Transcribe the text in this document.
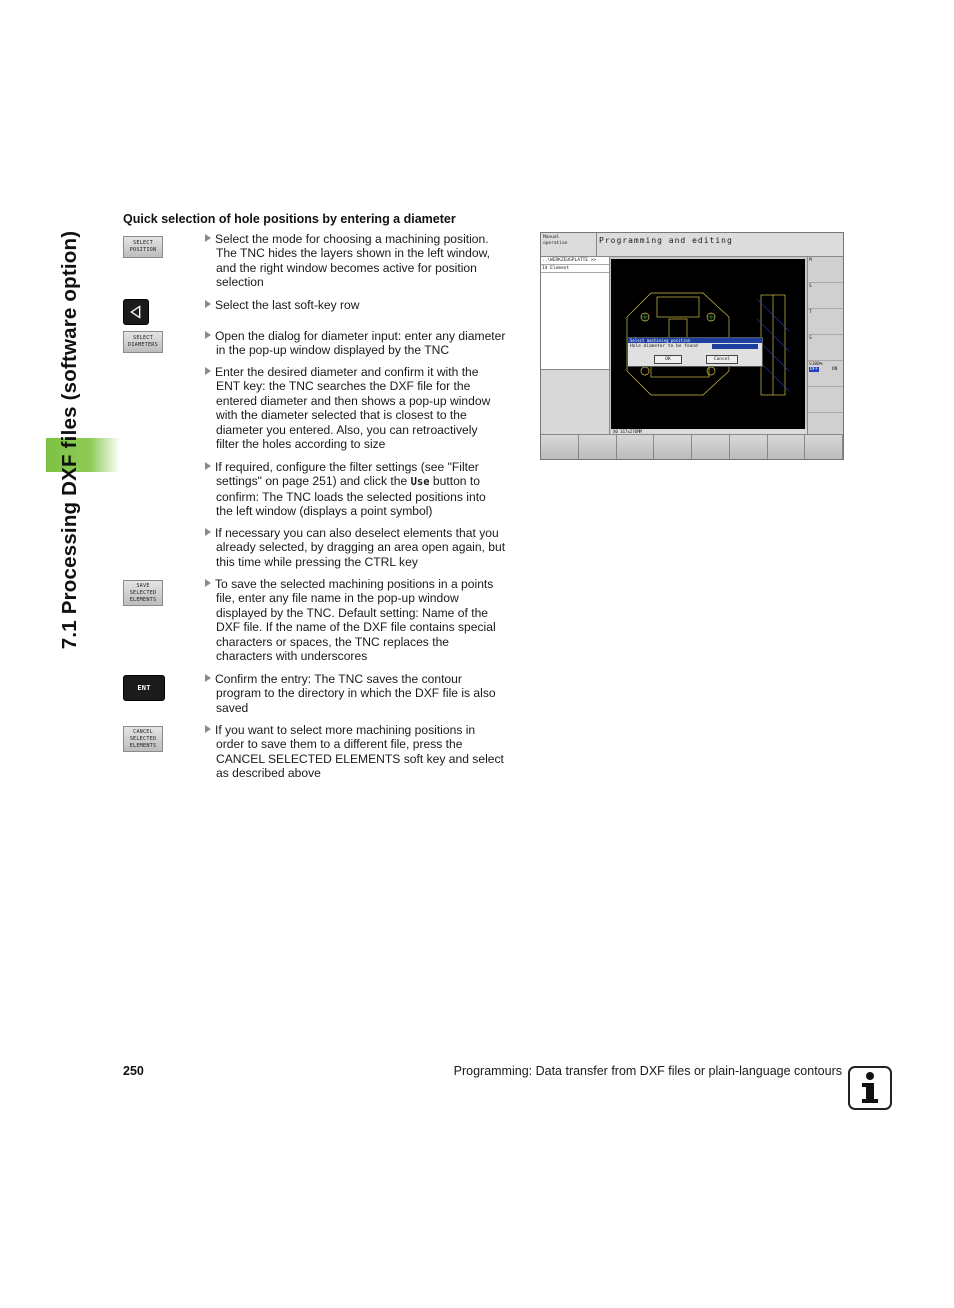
7.1 Processing DXF files (software option)
Quick selection of hole positions by entering a diameter
SELECT
POSITION
Select the mode for choosing a machining position.
The TNC hides the layers shown in the left window,
and the right window becomes active for position
selection
Select the last soft-key row
SELECT
DIAMETERS
Open the dialog for diameter input: enter any diameter
in the pop-up window displayed by the TNC
Enter the desired diameter and confirm it with the
ENT key: the TNC searches the DXF file for the
entered diameter and then shows a pop-up window
with the diameter selected that is closest to the
diameter you entered. Also, you can retroactively
filter the holes according to size
If required, configure the filter settings (see "Filter
settings" on page 251) and click the Use button to
confirm: The TNC loads the selected positions into
the left window (displays a point symbol)
If necessary you can also deselect elements that you
already selected, by dragging an area open again, but
this time while pressing the CTRL key
SAVE
SELECTED
ELEMENTS
To save the selected machining positions in a points
file, enter any file name in the pop-up window
displayed by the TNC. Default setting: Name of the
DXF file. If the name of the DXF file contains special
characters or spaces, the TNC replaces the
characters with underscores
ENT
Confirm the entry: The TNC saves the contour
program to the directory in which the DXF file is also
saved
CANCEL
SELECTED
ELEMENTS
If you want to select more machining positions in
order to save them to a different file, press the
CANCEL SELECTED ELEMENTS soft key and select
as described above
Manual
operation	Programming and editing
..\WERKZEUGPLATTE >>
Id Element
Select machining position
Hole diameter to be found
OK	Cancel
X0 317x270MM
M
S
T
S
S100%
OFF	ON
250	Programming: Data transfer from DXF files or plain-language contours
